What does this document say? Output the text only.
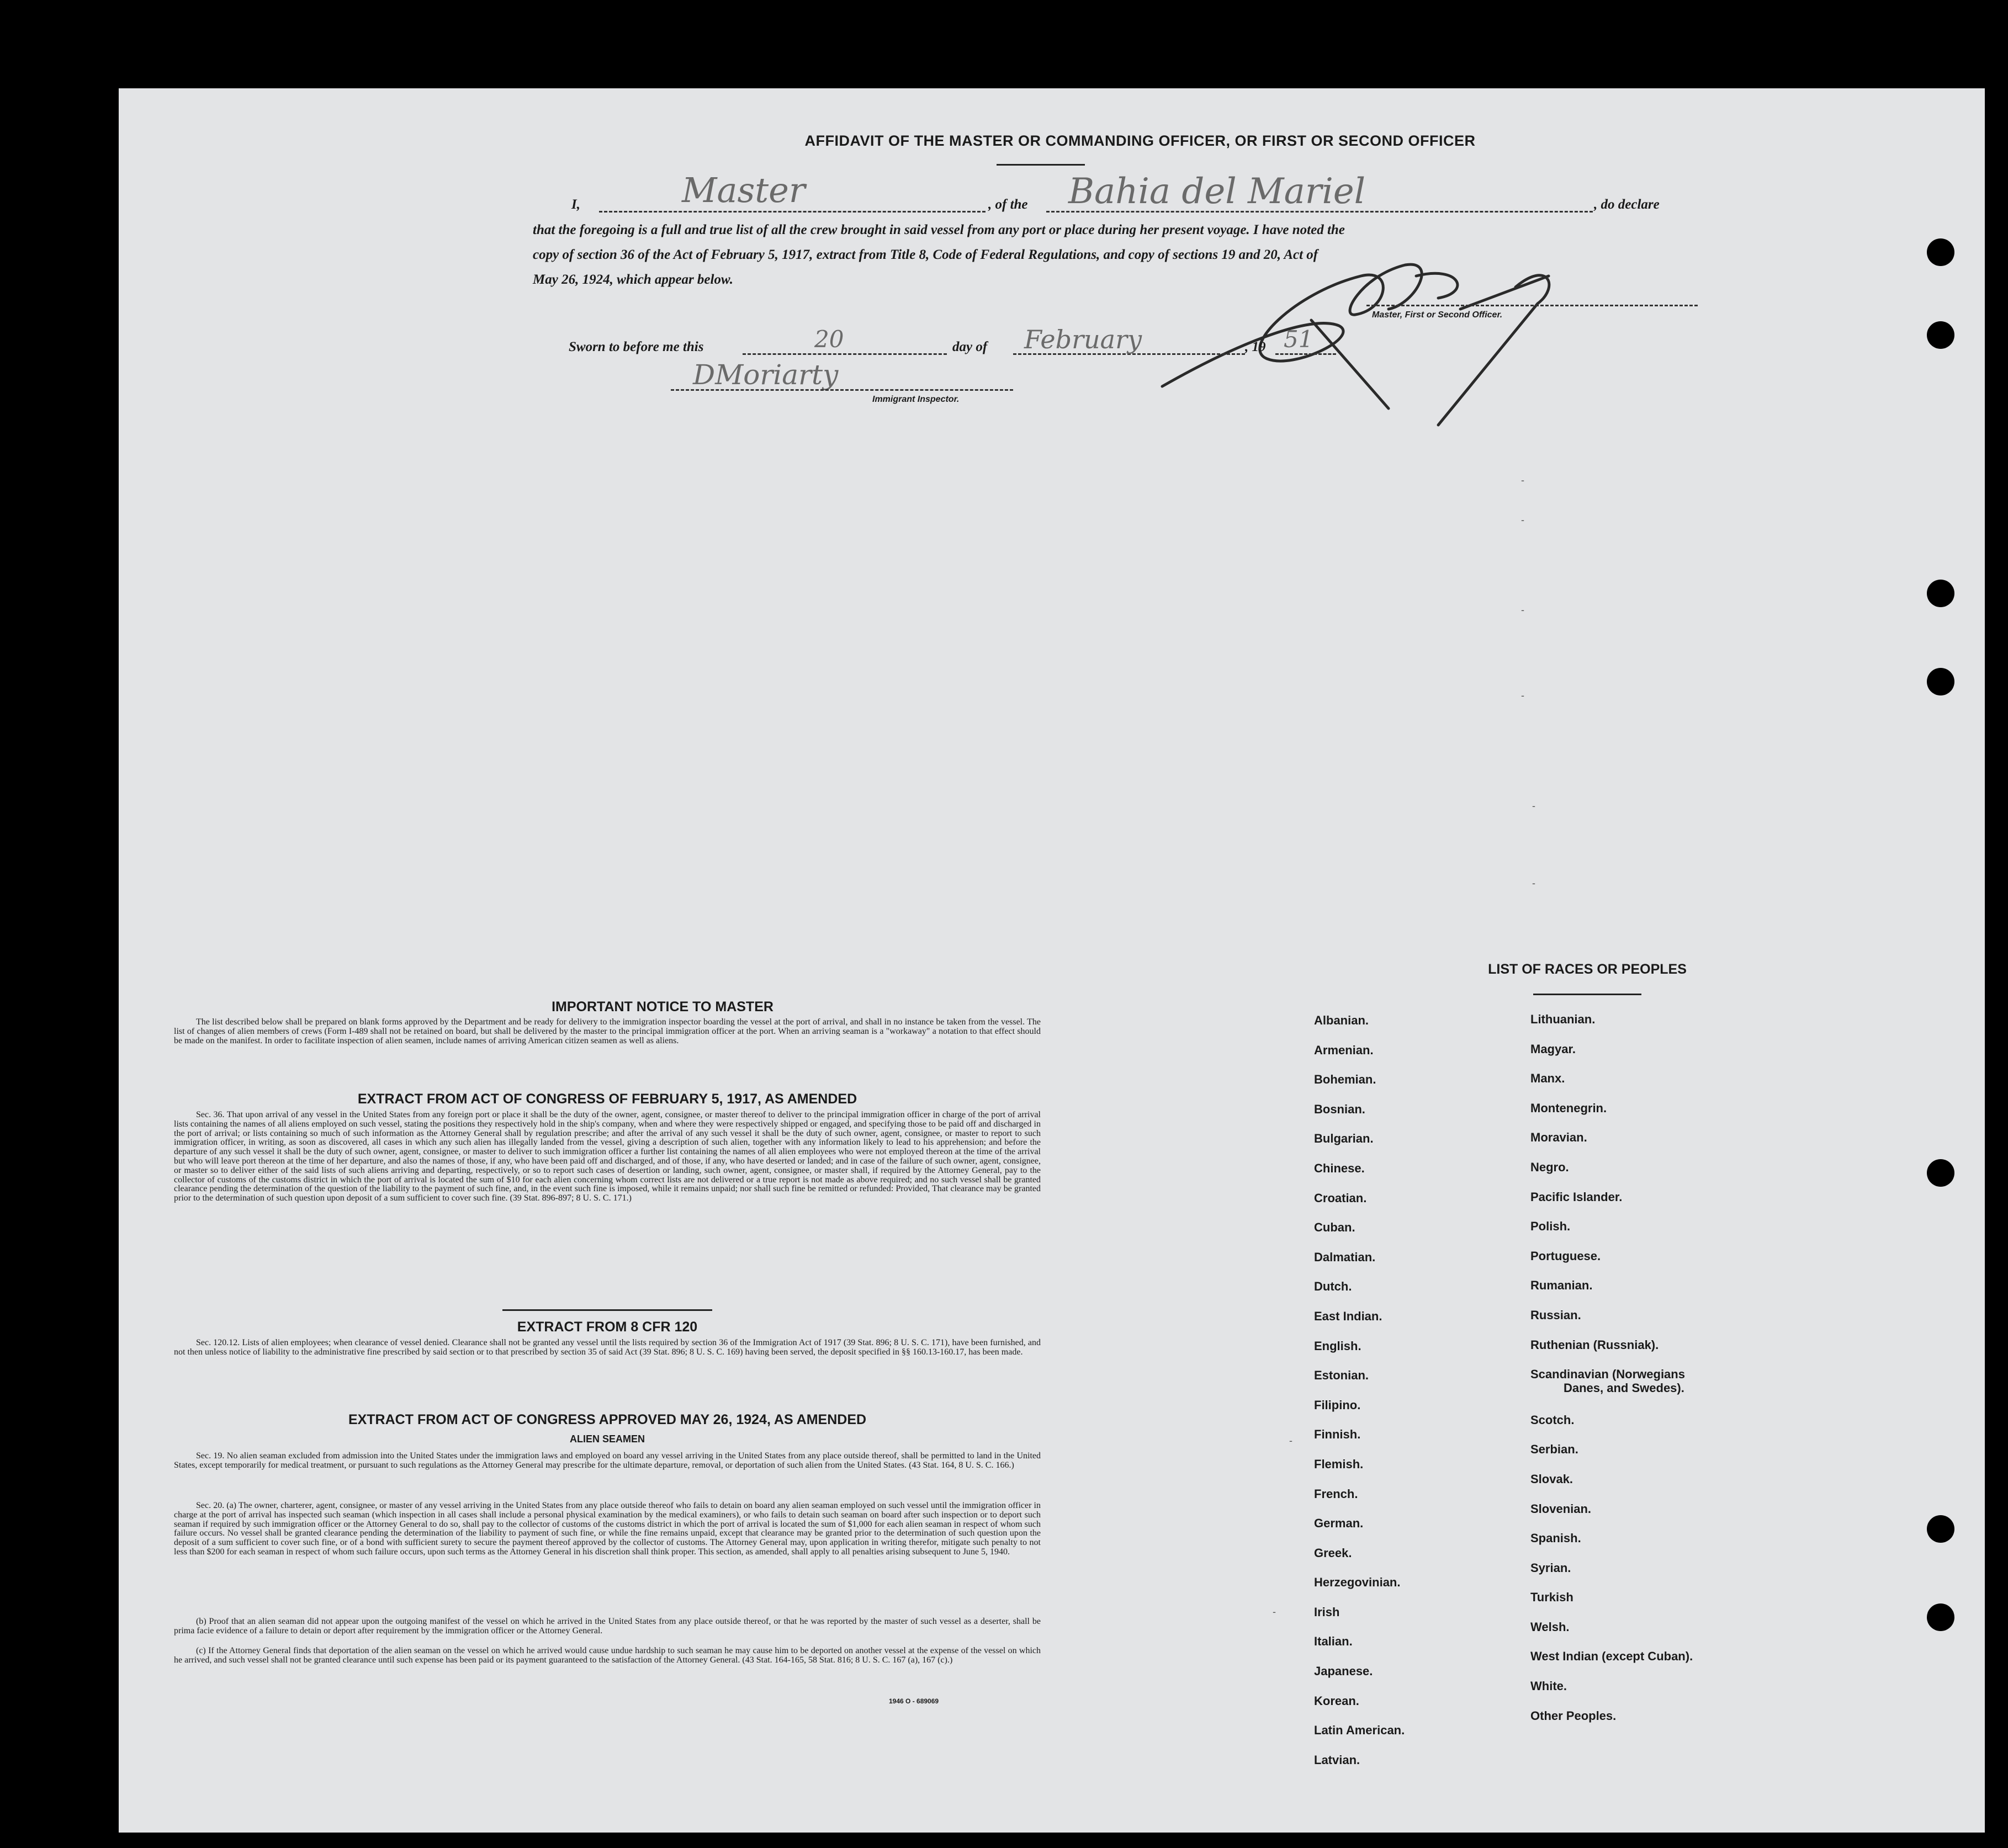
AFFIDAVIT OF THE MASTER OR COMMANDING OFFICER, OR FIRST OR SECOND OFFICER
I,	Master	, of the Bahia del Mariel	, do declare
that the foregoing is a full and true list of all the crew brought in said vessel from any port or place during her present voyage. I have noted the
copy of section 36 of the Act of February 5, 1917, extract from Title 8, Code of Federal Regulations, and copy of sections 19 and 20, Act of
May 26, 1924, which appear below.
Master, First or Second Officer.
Sworn to before me this	20	day of February	, 19 51
DMoriarty
Immigrant Inspector.
IMPORTANT NOTICE TO MASTER
The list described below shall be prepared on blank forms approved by the Department and be ready for delivery to the immigration inspector boarding the vessel at the port of arrival, and shall in no instance be taken from the vessel. The list of changes of alien members of crews (Form I-489 shall not be retained on board, but shall be delivered by the master to the principal immigration officer at the port. When an arriving seaman is a "workaway" a notation to that effect should be made on the manifest. In order to facilitate inspection of alien seamen, include names of arriving American citizen seamen as well as aliens.
EXTRACT FROM ACT OF CONGRESS OF FEBRUARY 5, 1917, AS AMENDED
Sec. 36. That upon arrival of any vessel in the United States from any foreign port or place it shall be the duty of the owner, agent, consignee, or master thereof to deliver to the principal immigration officer in charge of the port of arrival lists containing the names of all aliens employed on such vessel, stating the positions they respectively hold in the ship's company, when and where they were respectively shipped or engaged, and specifying those to be paid off and discharged in the port of arrival; or lists containing so much of such information as the Attorney General shall by regulation prescribe; and after the arrival of any such vessel it shall be the duty of such owner, agent, consignee, or master to report to such immigration officer, in writing, as soon as discovered, all cases in which any such alien has illegally landed from the vessel, giving a description of such alien, together with any information likely to lead to his apprehension; and before the departure of any such vessel it shall be the duty of such owner, agent, consignee, or master to deliver to such immigration officer a further list containing the names of all alien employees who were not employed thereon at the time of the arrival but who will leave port thereon at the time of her departure, and also the names of those, if any, who have been paid off and discharged, and of those, if any, who have deserted or landed; and in case of the failure of such owner, agent, consignee, or master so to deliver either of the said lists of such aliens arriving and departing, respectively, or so to report such cases of desertion or landing, such owner, agent, consignee, or master shall, if required by the Attorney General, pay to the collector of customs of the customs district in which the port of arrival is located the sum of $10 for each alien concerning whom correct lists are not delivered or a true report is not made as above required; and no such vessel shall be granted clearance pending the determination of the question of the liability to the payment of such fine, and, in the event such fine is imposed, while it remains unpaid; nor shall such fine be remitted or refunded: Provided, That clearance may be granted prior to the determination of such question upon deposit of a sum sufficient to cover such fine. (39 Stat. 896-897; 8 U. S. C. 171.)
EXTRACT FROM 8 CFR 120
Sec. 120.12. Lists of alien employees; when clearance of vessel denied. Clearance shall not be granted any vessel until the lists required by section 36 of the Immigration Act of 1917 (39 Stat. 896; 8 U. S. C. 171), have been furnished, and not then unless notice of liability to the administrative fine prescribed by said section or to that prescribed by section 35 of said Act (39 Stat. 896; 8 U. S. C. 169) having been served, the deposit specified in §§ 160.13-160.17, has been made.
EXTRACT FROM ACT OF CONGRESS APPROVED MAY 26, 1924, AS AMENDED
ALIEN SEAMEN
Sec. 19. No alien seaman excluded from admission into the United States under the immigration laws and employed on board any vessel arriving in the United States from any place outside thereof, shall be permitted to land in the United States, except temporarily for medical treatment, or pursuant to such regulations as the Attorney General may prescribe for the ultimate departure, removal, or deportation of such alien from the United States. (43 Stat. 164, 8 U. S. C. 166.)
Sec. 20. (a) The owner, charterer, agent, consignee, or master of any vessel arriving in the United States from any place outside thereof who fails to detain on board any alien seaman employed on such vessel until the immigration officer in charge at the port of arrival has inspected such seaman (which inspection in all cases shall include a personal physical examination by the medical examiners), or who fails to detain such seaman on board after such inspection or to deport such seaman if required by such immigration officer or the Attorney General to do so, shall pay to the collector of customs of the customs district in which the port of arrival is located the sum of $1,000 for each alien seaman in respect of whom such failure occurs. No vessel shall be granted clearance pending the determination of the liability to payment of such fine, or while the fine remains unpaid, except that clearance may be granted prior to the determination of such question upon the deposit of a sum sufficient to cover such fine, or of a bond with sufficient surety to secure the payment thereof approved by the collector of customs. The Attorney General may, upon application in writing therefor, mitigate such penalty to not less than $200 for each seaman in respect of whom such failure occurs, upon such terms as the Attorney General in his discretion shall think proper. This section, as amended, shall apply to all penalties arising subsequent to June 5, 1940.
(b) Proof that an alien seaman did not appear upon the outgoing manifest of the vessel on which he arrived in the United States from any place outside thereof, or that he was reported by the master of such vessel as a deserter, shall be prima facie evidence of a failure to detain or deport after requirement by the immigration officer or the Attorney General.
(c) If the Attorney General finds that deportation of the alien seaman on the vessel on which he arrived would cause undue hardship to such seaman he may cause him to be deported on another vessel at the expense of the vessel on which he arrived, and such vessel shall not be granted clearance until such expense has been paid or its payment guaranteed to the satisfaction of the Attorney General. (43 Stat. 164-165, 58 Stat. 816; 8 U. S. C. 167 (a), 167 (c).)
1946 O - 689069
LIST OF RACES OR PEOPLES
Albanian.
Armenian.
Bohemian.
Bosnian.
Bulgarian.
Chinese.
Croatian.
Cuban.
Dalmatian.
Dutch.
East Indian.
English.
Estonian.
Filipino.
Finnish.
Flemish.
French.
German.
Greek.
Herzegovinian.
Irish
Italian.
Japanese.
Korean.
Latin American.
Latvian.
Lithuanian.
Magyar.
Manx.
Montenegrin.
Moravian.
Negro.
Pacific Islander.
Polish.
Portuguese.
Rumanian.
Russian.
Ruthenian (Russniak).
Scandinavian (Norwegians
Danes, and Swedes).
Scotch.
Serbian.
Slovak.
Slovenian.
Spanish.
Syrian.
Turkish
Welsh.
West Indian (except Cuban).
White.
Other Peoples.
-
-
-
-
-
-
-
-
